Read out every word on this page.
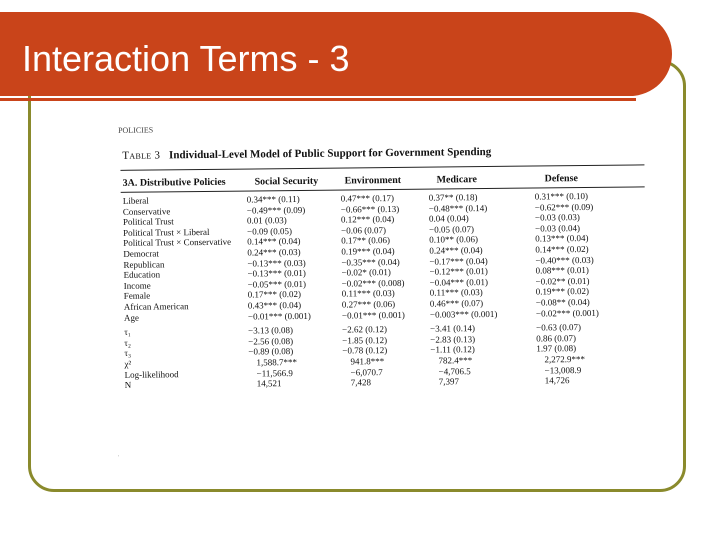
Interaction Terms - 3
POLICIES
Table 3 Individual-Level Model of Public Support for Government Spending
3A. Distributive Policies	Social Security	Environment	Medicare	Defense
Liberal	0.34*** (0.11)	0.47*** (0.17)	0.37** (0.18)	0.31*** (0.10)
Conservative	−0.49*** (0.09)	−0.66*** (0.13)	−0.48*** (0.14)	−0.62*** (0.09)
Political Trust	0.01 (0.03)	0.12*** (0.04)	0.04 (0.04)	−0.03 (0.03)
Political Trust × Liberal	−0.09 (0.05)	−0.06 (0.07)	−0.05 (0.07)	−0.03 (0.04)
Political Trust × Conservative 0.14*** (0.04)	0.17** (0.06)	0.10** (0.06)	0.13*** (0.04)
Democrat	0.24*** (0.03)	0.19*** (0.04)	0.24*** (0.04)	0.14*** (0.02)
Republican	−0.13*** (0.03)	−0.35*** (0.04)	−0.17*** (0.04)	−0.40*** (0.03)
Education	−0.13*** (0.01)	−0.02* (0.01)	−0.12*** (0.01)	0.08*** (0.01)
Income	−0.05*** (0.01)	−0.02*** (0.008)	−0.04*** (0.01)	−0.02** (0.01)
Female	0.17*** (0.02)	0.11*** (0.03)	0.11*** (0.03)	0.19*** (0.02)
African American	0.43*** (0.04)	0.27*** (0.06)	0.46*** (0.07)	−0.08** (0.04)
Age	−0.01*** (0.001)	−0.01*** (0.001)	−0.003*** (0.001)	−0.02*** (0.001)
τ₁	−3.13 (0.08)	−2.62 (0.12)	−3.41 (0.14)	−0.63 (0.07)
τ₂	−2.56 (0.08)	−1.85 (0.12)	−2.83 (0.13)	0.86 (0.07)
τ₃	−0.89 (0.08)	−0.78 (0.12)	−1.11 (0.12)	1.97 (0.08)
χ²	1,588.7***	941.8***	782.4***	2,272.9***
Log-likelihood	−11,566.9	−6,070.7	−4,706.5	−13,008.9
N	14,521	7,428	7,397	14,726
·
